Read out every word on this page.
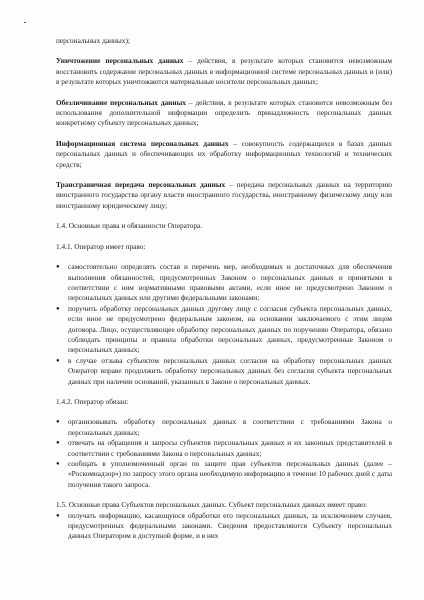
персональных данных);

Уничтожение персональных данных – действия, в результате которых становится невозможным восстановить содержание персональных данных в информационной системе персональных данных и (или) в результате которых уничтожаются материальные носители персональных данных;

Обезличивание персональных данных – действия, в результате которых становится невозможным без использования дополнительной информации определить принадлежность персональных данных конкретному субъекту персональных данных;

Информационная система персональных данных – совокупность содержащихся в базах данных персональных данных и обеспечивающих их обработку информационных технологий и технических средств;

Трансграничная передача персональных данных – передача персональных данных на территорию иностранного государства органу власти иностранного государства, иностранному физическому лицу или иностранному юридическому лицу;

1.4. Основные права и обязанности Оператора.

1.4.1. Оператор имеет право:

●	самостоятельно определять состав и перечень мер, необходимых и достаточных для обеспечения выполнения обязанностей, предусмотренных Законом о персональных данных и принятыми в соответствии с ним нормативными правовыми актами, если иное не предусмотрено Законом о персональных данных или другими федеральными законами;
●	поручить обработку персональных данных другому лицу с согласия субъекта персональных данных, если иное не предусмотрено федеральным законом, на основании заключаемого с этим лицом договора. Лицо, осуществляющее обработку персональных данных по поручению Оператора, обязано соблюдать принципы и правила обработки персональных данных, предусмотренные Законом о персональных данных;
●	в случае отзыва субъектом персональных данных согласия на обработку персональных данных Оператор вправе продолжить обработку персональных данных без согласия субъекта персональных данных при наличии оснований, указанных в Законе о персональных данных.

1.4.2. Оператор обязан:

●	организовывать обработку персональных данных в соответствии с требованиями Закона о персональных данных;
●	отвечать на обращения и запросы субъектов персональных данных и их законных представителей в соответствии с требованиями Закона о персональных данных;
●	сообщать в уполномоченный орган по защите прав субъектов персональных данных (далее – «Роскомнадзор») по запросу этого органа необходимую информацию в течение 10 рабочих дней с даты получения такого запроса.

1.5. Основные права Субъектов персональных данных. Субъект персональных данных имеет право:

●	получать информацию, касающуюся обработки его персональных данных, за исключением случаев, предусмотренных федеральными законами. Сведения предоставляются Субъекту персональных данных Оператором в доступной форме, и в них
